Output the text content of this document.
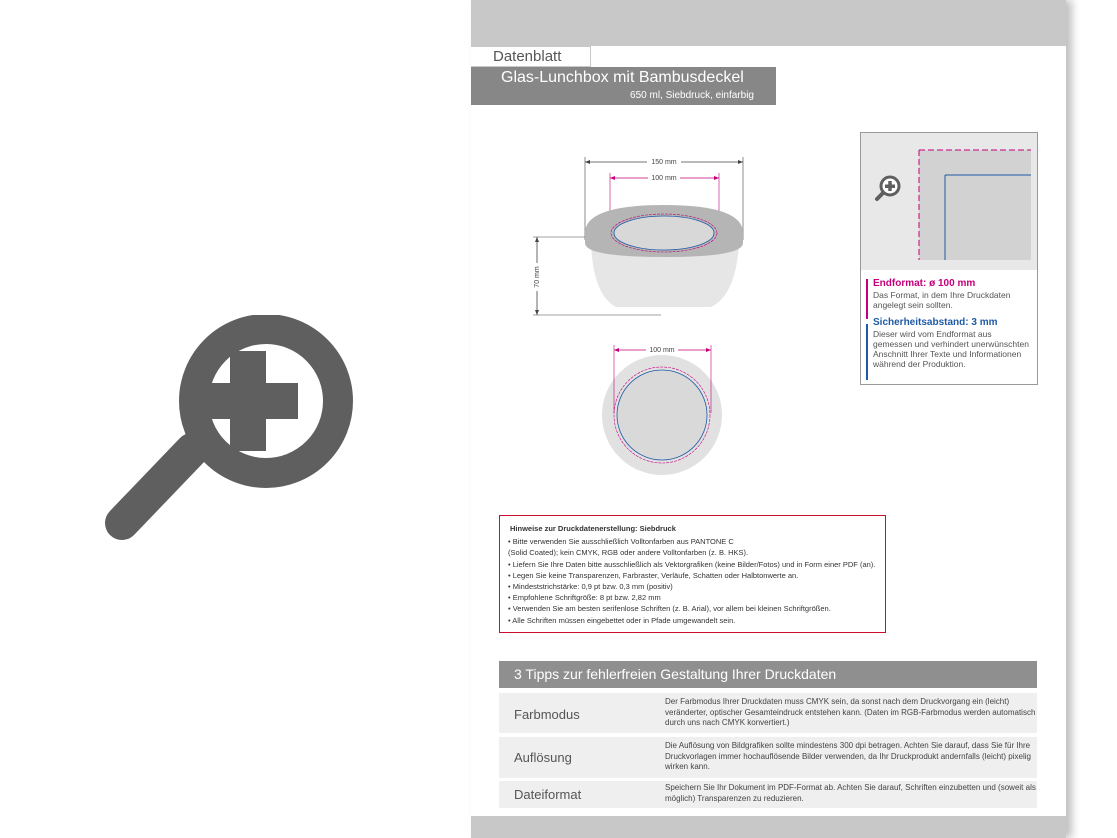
Datenblatt
Glas-Lunchbox mit Bambusdeckel
650 ml, Siebdruck, einfarbig
150 mm
100 mm
70 mm
100 mm
Endformat: ø 100 mm
Das Format, in dem Ihre Druckdaten angelegt sein sollten.
Sicherheitsabstand: 3 mm
Dieser wird vom Endformat aus gemessen und verhindert unerwünschten Anschnitt Ihrer Texte und Informationen während der Produktion.
Hinweise zur Druckdatenerstellung: Siebdruck
• Bitte verwenden Sie ausschließlich Volltonfarben aus PANTONE C
(Solid Coated); kein CMYK, RGB oder andere Volltonfarben (z. B. HKS).
• Liefern Sie Ihre Daten bitte ausschließlich als Vektorgrafiken (keine Bilder/Fotos) und in Form einer PDF (an).
• Legen Sie keine Transparenzen, Farbraster, Verläufe, Schatten oder Halbtonwerte an.
• Mindeststrichstärke: 0,9 pt bzw. 0,3 mm (positiv)
• Empfohlene Schriftgröße: 8 pt bzw. 2,82 mm
• Verwenden Sie am besten serifenlose Schriften (z. B. Arial), vor allem bei kleinen Schriftgrößen.
• Alle Schriften müssen eingebettet oder in Pfade umgewandelt sein.
3 Tipps zur fehlerfreien Gestaltung Ihrer Druckdaten
Farbmodus
Der Farbmodus Ihrer Druckdaten muss CMYK sein, da sonst nach dem Druckvorgang ein (leicht) veränderter, optischer Gesamteindruck entstehen kann. (Daten im RGB-Farbmodus werden automatisch durch uns nach CMYK konvertiert.)
Auflösung
Die Auflösung von Bildgrafiken sollte mindestens 300 dpi betragen. Achten Sie darauf, dass Sie für Ihre Druckvorlagen immer hochauflösende Bilder verwenden, da Ihr Druckprodukt andernfalls (leicht) pixelig wirken kann.
Dateiformat	Speichern Sie Ihr Dokument im PDF-Format ab. Achten Sie darauf, Schriften einzubetten und (soweit als möglich) Transparenzen zu reduzieren.
